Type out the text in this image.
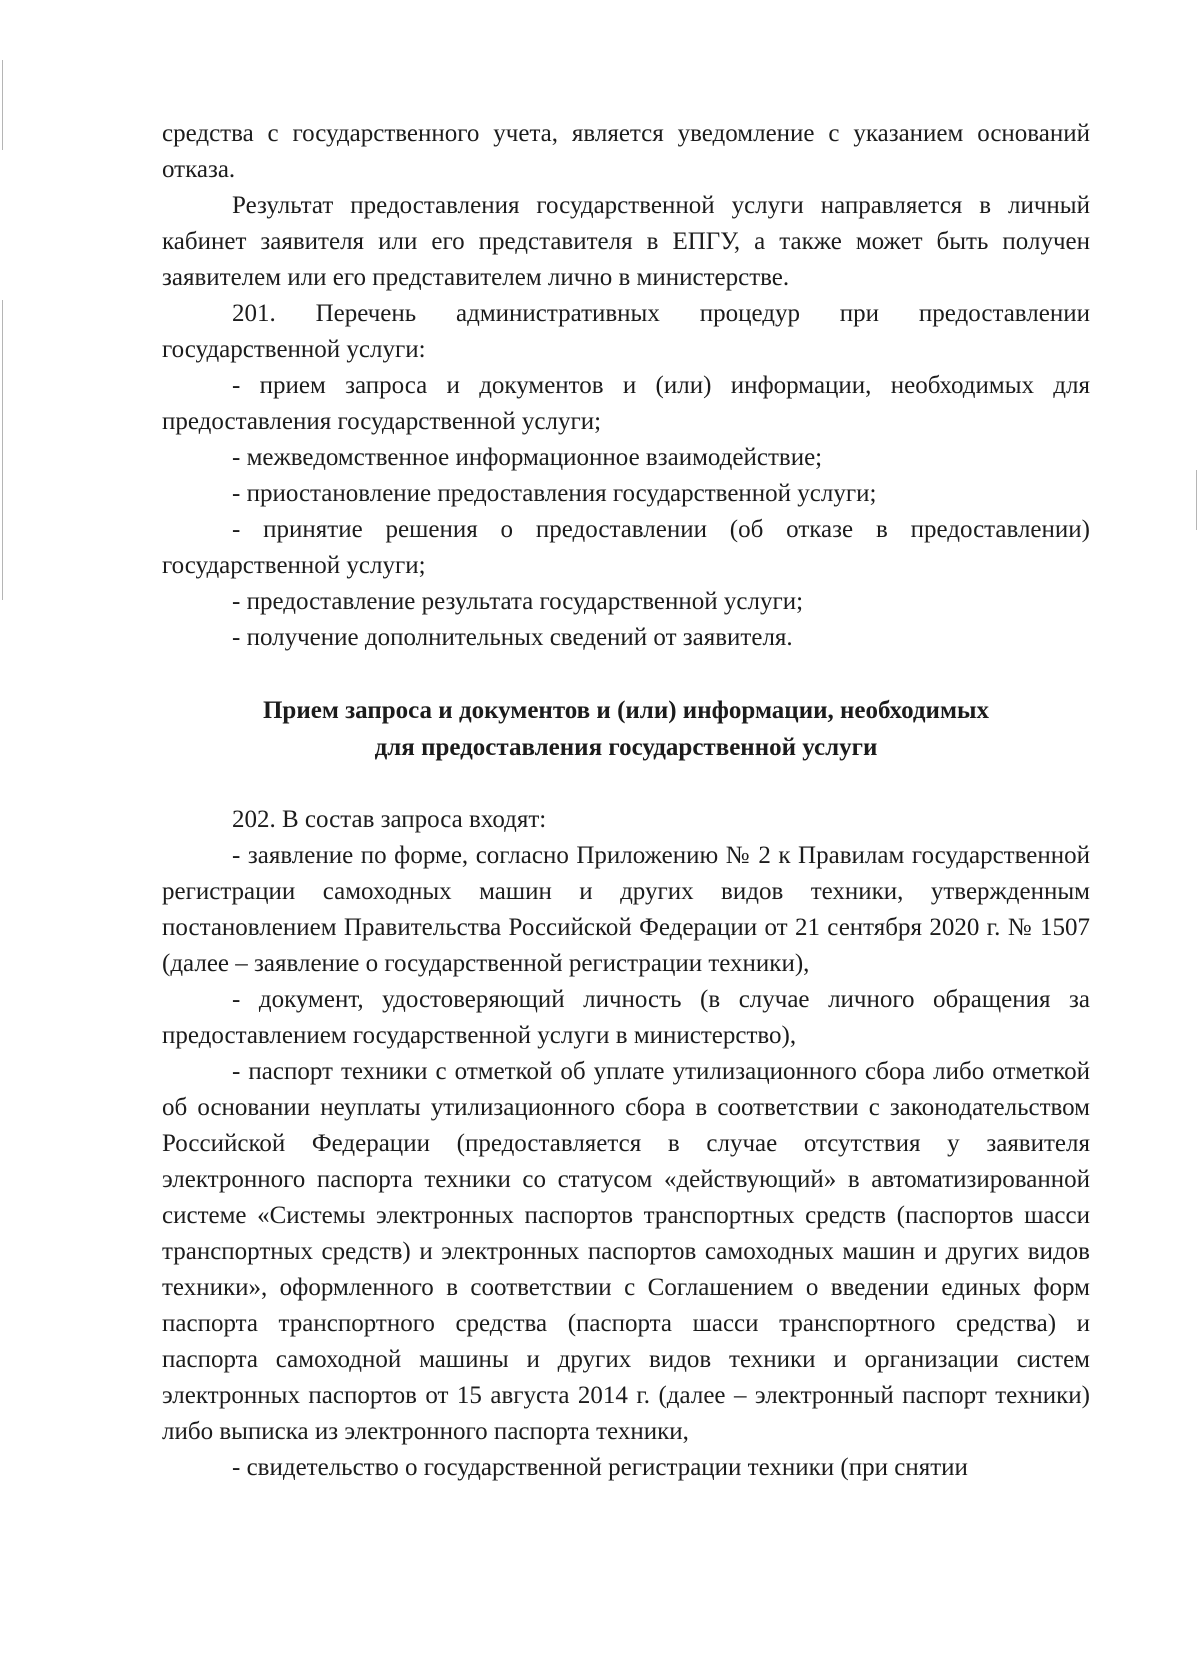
средства с государственного учета, является уведомление с указанием оснований отказа.

Результат предоставления государственной услуги направляется в личный кабинет заявителя или его представителя в ЕПГУ, а также может быть получен заявителем или его представителем лично в министерстве.

201. Перечень административных процедур при предоставлении государственной услуги:

- прием запроса и документов и (или) информации, необходимых для предоставления государственной услуги;

- межведомственное информационное взаимодействие;

- приостановление предоставления государственной услуги;

- принятие решения о предоставлении (об отказе в предоставлении) государственной услуги;

- предоставление результата государственной услуги;

- получение дополнительных сведений от заявителя.

Прием запроса и документов и (или) информации, необходимых
для предоставления государственной услуги

202. В состав запроса входят:

- заявление по форме, согласно Приложению № 2 к Правилам государственной регистрации самоходных машин и других видов техники, утвержденным постановлением Правительства Российской Федерации от 21 сентября 2020 г. № 1507 (далее – заявление о государственной регистрации техники),

- документ, удостоверяющий личность (в случае личного обращения за предоставлением государственной услуги в министерство),

- паспорт техники с отметкой об уплате утилизационного сбора либо отметкой об основании неуплаты утилизационного сбора в соответствии с законодательством Российской Федерации (предоставляется в случае отсутствия у заявителя электронного паспорта техники со статусом «действующий» в автоматизированной системе «Системы электронных паспортов транспортных средств (паспортов шасси транспортных средств) и электронных паспортов самоходных машин и других видов техники», оформленного в соответствии с Соглашением о введении единых форм паспорта транспортного средства (паспорта шасси транспортного средства) и паспорта самоходной машины и других видов техники и организации систем электронных паспортов от 15 августа 2014 г. (далее – электронный паспорт техники) либо выписка из электронного паспорта техники,

- свидетельство о государственной регистрации техники (при снятии
